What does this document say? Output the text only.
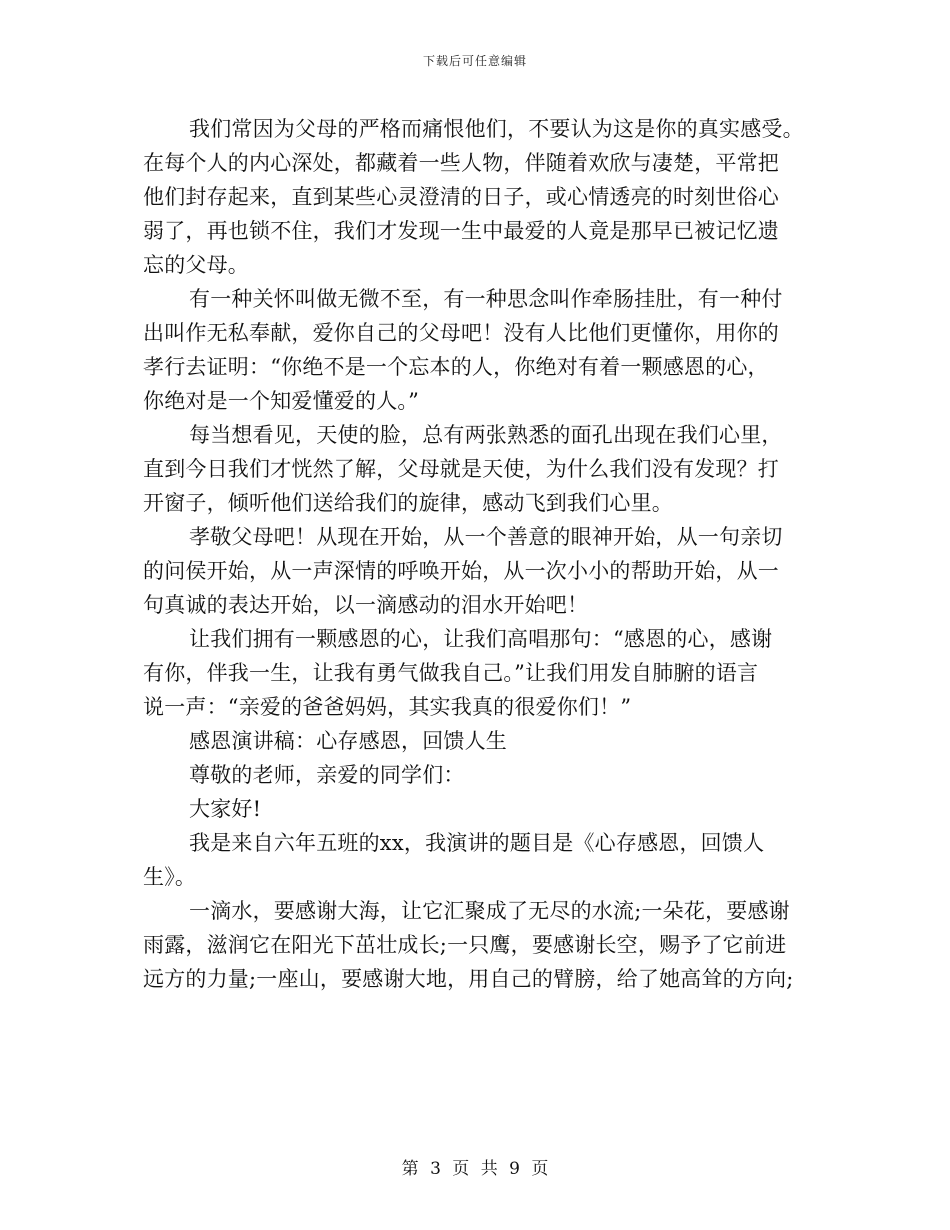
下载后可任意编辑
我们常因为父母的严格而痛恨他们，不要认为这是你的真实感受。
在每个人的内心深处，都藏着一些人物，伴随着欢欣与凄楚，平常把
他们封存起来，直到某些心灵澄清的日子，或心情透亮的时刻世俗心
弱了，再也锁不住，我们才发现一生中最爱的人竟是那早已被记忆遗
忘的父母。
有一种关怀叫做无微不至，有一种思念叫作牵肠挂肚，有一种付
出叫作无私奉献，爱你自己的父母吧！没有人比他们更懂你，用你的
孝行去证明：“你绝不是一个忘本的人，你绝对有着一颗感恩的心，
你绝对是一个知爱懂爱的人。”
每当想看见，天使的脸，总有两张熟悉的面孔出现在我们心里，
直到今日我们才恍然了解，父母就是天使，为什么我们没有发现？打
开窗子，倾听他们送给我们的旋律，感动飞到我们心里。
孝敬父母吧！从现在开始，从一个善意的眼神开始，从一句亲切
的问侯开始，从一声深情的呼唤开始，从一次小小的帮助开始，从一
句真诚的表达开始，以一滴感动的泪水开始吧！
让我们拥有一颗感恩的心，让我们高唱那句：“感恩的心，感谢
有你，伴我一生，让我有勇气做我自己。”让我们用发自肺腑的语言
说一声：“亲爱的爸爸妈妈，其实我真的很爱你们！”
感恩演讲稿：心存感恩，回馈人生
尊敬的老师，亲爱的同学们：
大家好!
我是来自六年五班的xx，我演讲的题目是《心存感恩，回馈人
生》。
一滴水，要感谢大海，让它汇聚成了无尽的水流;一朵花，要感谢
雨露，滋润它在阳光下茁壮成长;一只鹰，要感谢长空，赐予了它前进
远方的力量;一座山，要感谢大地，用自己的臂膀，给了她高耸的方向;
第 3 页 共 9 页
